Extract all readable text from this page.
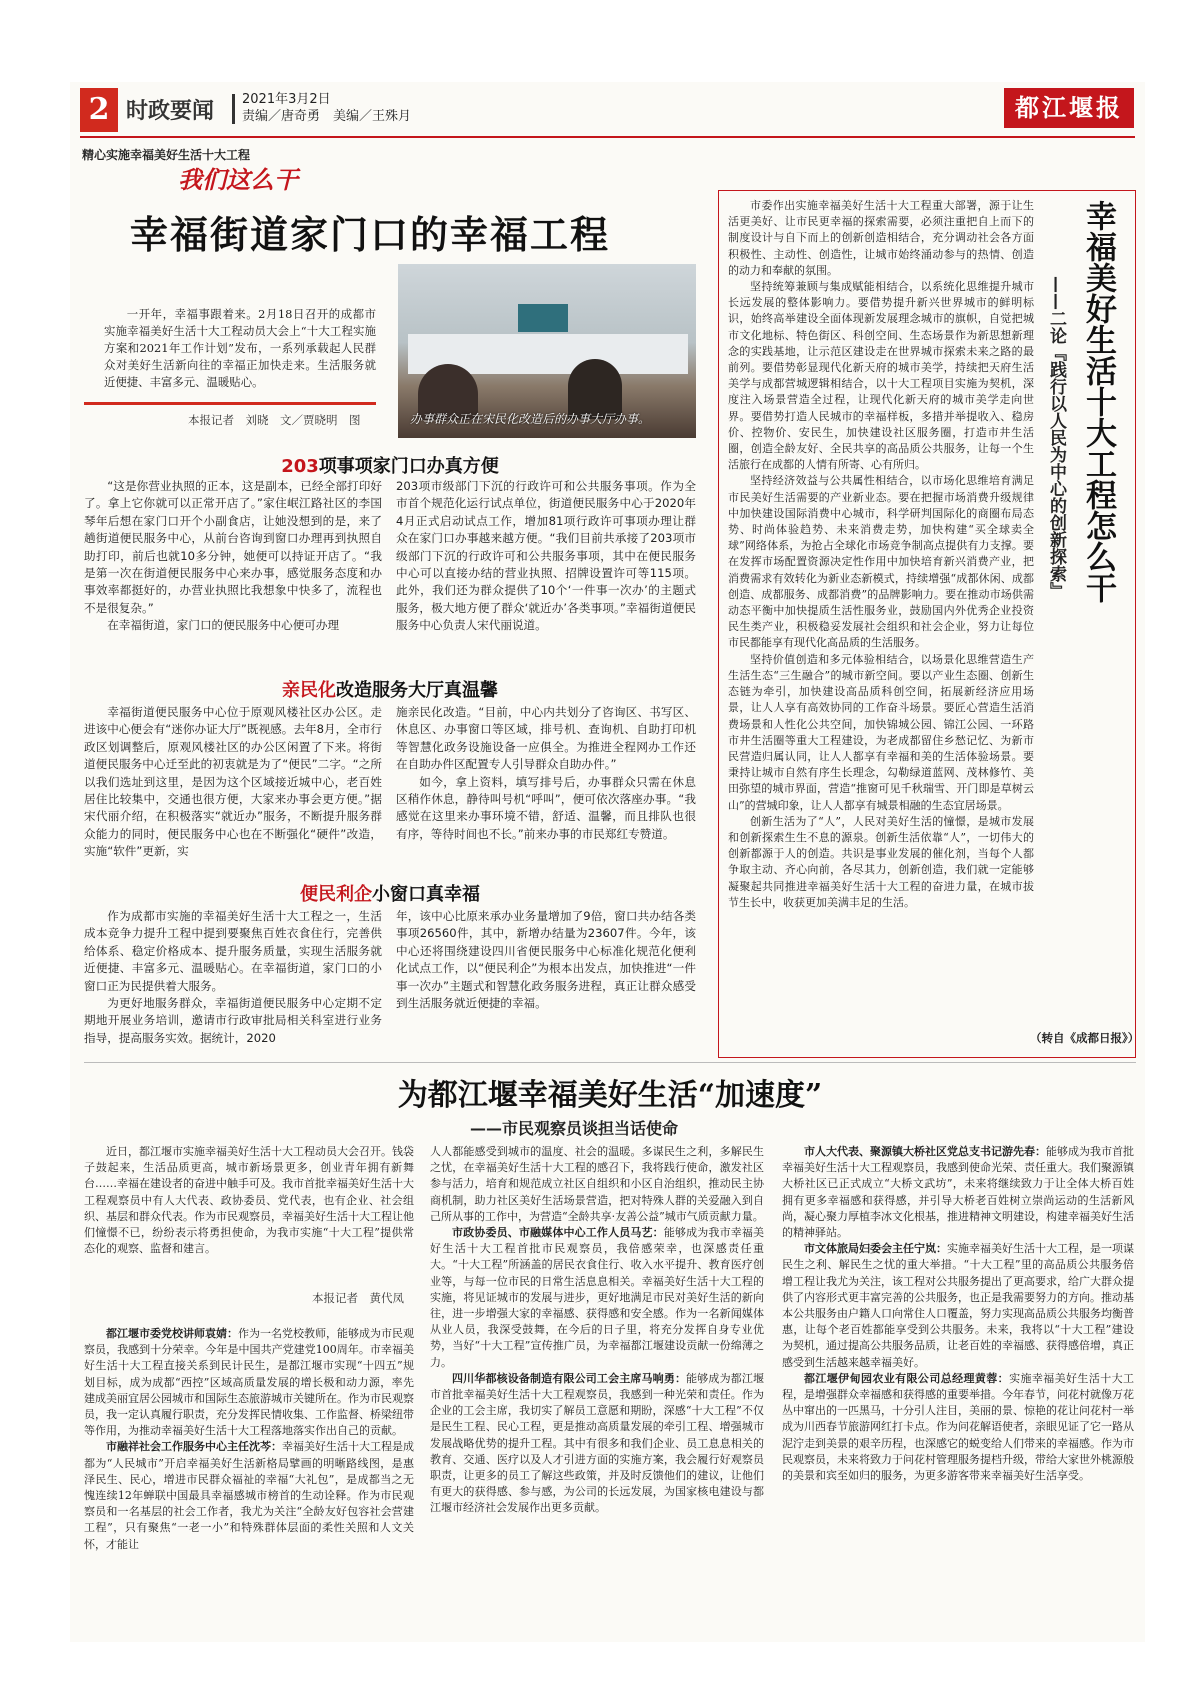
2 时政要闻 2021年3月2日
责编／唐奇勇　美编／王殊月	都江堰报
精心实施幸福美好生活十大工程
我们这么干
幸福街道家门口的幸福工程

一开年，幸福事跟着来。2月18日召开的成都市实施幸福美好生活十大工程动员大会上“十大工程实施方案和2021年工作计划”发布，一系列承载起人民群众对美好生活新向往的幸福正加快走来。生活服务就近便捷、丰富多元、温暖贴心。

本报记者　刘晓　文／贾晓明　图	办事群众正在宋民化改造后的办事大厅办事。
203项事项家门口办真方便

“这是你营业执照的正本，这是副本，已经全部打印好了。拿上它你就可以正常开店了。”家住岷江路社区的李国琴年后想在家门口开个小副食店，让她没想到的是，来了趟街道便民服务中心，从前台咨询到窗口办理再到执照自助打印，前后也就10多分钟，她便可以持证开店了。“我是第一次在街道便民服务中心来办事，感觉服务态度和办事效率都挺好的，办营业执照比我想象中快多了，流程也不是很复杂。”

在幸福街道，家门口的便民服务中心便可办理

203项市级部门下沉的行政许可和公共服务事项。作为全市首个规范化运行试点单位，街道便民服务中心于2020年4月正式启动试点工作，增加81项行政许可事项办理让群众在家门口办事越来越方便。“我们目前共承接了203项市级部门下沉的行政许可和公共服务事项，其中在便民服务中心可以直接办结的营业执照、招牌设置许可等115项。此外，我们还为群众提供了10个‘一件事一次办’的主题式服务，极大地方便了群众‘就近办’各类事项。”幸福街道便民服务中心负责人宋代丽说道。

亲民化改造服务大厅真温馨

幸福街道便民服务中心位于原观风楼社区办公区。走进该中心便会有“迷你办证大厅”既视感。去年8月，全市行政区划调整后，原观风楼社区的办公区闲置了下来。将街道便民服务中心迁至此的初衷就是为了“便民”二字。“之所以我们选址到这里，是因为这个区域接近城中心，老百姓居住比较集中，交通也很方便，大家来办事会更方便。”据宋代丽介绍，在积极落实“就近办”服务，不断提升服务群众能力的同时，便民服务中心也在不断强化“硬件”改造，实施“软件”更新，实

施亲民化改造。“目前，中心内共划分了咨询区、书写区、休息区、办事窗口等区域，排号机、查询机、自助打印机等智慧化政务设施设备一应俱全。为推进全程网办工作还在自助办件区配置专人引导群众自助办件。”

如今，拿上资料，填写排号后，办事群众只需在休息区稍作休息，静待叫号机“呼叫”，便可依次落座办事。“我感觉在这里来办事环境不错，舒适、温馨，而且排队也很有序，等待时间也不长。”前来办事的市民郑红专赞道。

便民利企小窗口真幸福

作为成都市实施的幸福美好生活十大工程之一，生活成本竞争力提升工程中提到要聚焦百姓衣食住行，完善供给体系、稳定价格成本、提升服务质量，实现生活服务就近便捷、丰富多元、温暖贴心。在幸福街道，家门口的小窗口正为民提供着大服务。

为更好地服务群众，幸福街道便民服务中心定期不定期地开展业务培训，邀请市行政审批局相关科室进行业务指导，提高服务实效。据统计，2020

年，该中心比原来承办业务量增加了9倍，窗口共办结各类事项26560件，其中，新增办结量为23607件。今年，该中心还将围绕建设四川省便民服务中心标准化规范化便利化试点工作，以“便民利企”为根本出发点，加快推进“一件事一次办”主题式和智慧化政务服务进程，真正让群众感受到生活服务就近便捷的幸福。

市委作出实施幸福美好生活十大工程重大部署，源于让生活更美好、让市民更幸福的探索需要，必须注重把自上而下的制度设计与自下而上的创新创造相结合，充分调动社会各方面积极性、主动性、创造性，让城市始终涌动参与的热情、创造的动力和奉献的氛围。

坚持统筹兼顾与集成赋能相结合，以系统化思维提升城市长远发展的整体影响力。要借势提升新兴世界城市的鲜明标识，始终高举建设全面体现新发展理念城市的旗帜，自觉把城市文化地标、特色街区、科创空间、生态场景作为新思想新理念的实践基地，让示范区建设走在世界城市探索未来之路的最前列。要借势彰显现代化新天府的城市美学，持续把天府生活美学与成都营城逻辑相结合，以十大工程项目实施为契机，深度注入场景营造全过程，让现代化新天府的城市美学走向世界。要借势打造人民城市的幸福样板，多措并举提收入、稳房价、控物价、安民生，加快建设社区服务圈，打造市井生活圈，创造全龄友好、全民共享的高品质公共服务，让每一个生活旅行在成都的人情有所寄、心有所归。

坚持经济效益与公共属性相结合，以市场化思维培育满足市民美好生活需要的产业新业态。要在把握市场消费升级规律中加快建设国际消费中心城市，科学研判国际化的商圈布局态势、时尚体验趋势、未来消费走势，加快构建“买全球卖全球”网络体系，为抢占全球化市场竞争制高点提供有力支撑。要在发挥市场配置资源决定性作用中加快培育新兴消费产业，把消费需求有效转化为新业态新模式，持续增强“成都休闲、成都创造、成都服务、成都消费”的品牌影响力。要在推动市场供需动态平衡中加快提质生活性服务业，鼓励国内外优秀企业投资民生类产业，积极稳妥发展社会组织和社会企业，努力让每位市民都能享有现代化高品质的生活服务。

坚持价值创造和多元体验相结合，以场景化思维营造生产生活生态“三生融合”的城市新空间。要以产业生态圈、创新生态链为牵引，加快建设高品质科创空间，拓展新经济应用场景，让人人享有高效协同的工作奋斗场景。要匠心营造生活消费场景和人性化公共空间，加快锦城公园、锦江公园、一环路市井生活圈等重大工程建设，为老成都留住乡愁记忆、为新市民营造归属认同，让人人都享有幸福和美的生活体验场景。要秉持让城市自然有序生长理念，勾勒绿道蓝网、茂林修竹、美田弥望的城市界面，营造“推窗可见千秋瑞雪、开门即是草树云山”的营城印象，让人人都享有城景相融的生态宜居场景。

创新生活为了“人”，人民对美好生活的憧憬，是城市发展和创新探索生生不息的源泉。创新生活依靠“人”，一切伟大的创新都源于人的创造。共识是事业发展的催化剂，当每个人都争取主动、齐心向前，各尽其力，创新创造，我们就一定能够凝聚起共同推进幸福美好生活十大工程的奋进力量，在城市拔节生长中，收获更加美满丰足的生活。

（转自《成都日报》）
幸福美好生活十大工程怎么干
——二论『践行以人民为中心的创新探索』
为都江堰幸福美好生活“加速度”
——市民观察员谈担当话使命

近日，都江堰市实施幸福美好生活十大工程动员大会召开。钱袋子鼓起来，生活品质更高，城市新场景更多，创业青年拥有新舞台……幸福在建设者的奋进中触手可及。我市首批幸福美好生活十大工程观察员中有人大代表、政协委员、党代表，也有企业、社会组织、基层和群众代表。作为市民观察员，幸福美好生活十大工程让他们憧憬不已，纷纷表示将勇担使命，为我市实施“十大工程”提供常态化的观察、监督和建言。

本报记者　黄代凤

都江堰市委党校讲师袁婧：作为一名党校教师，能够成为市民观察员，我感到十分荣幸。今年是中国共产党建党100周年。市幸福美好生活十大工程直接关系到民计民生，是都江堰市实现“十四五”规划目标，成为成都“西控”区域高质量发展的增长极和动力源，率先建成美丽宜居公园城市和国际生态旅游城市关键所在。作为市民观察员，我一定认真履行职责，充分发挥民情收集、工作监督、桥梁纽带等作用，为推动幸福美好生活十大工程落地落实作出自己的贡献。

市融祥社会工作服务中心主任沈芩：幸福美好生活十大工程是成都为“人民城市”开启幸福美好生活新格局擘画的明晰路线图，是惠泽民生、民心，增进市民群众福祉的幸福“大礼包”，是成都当之无愧连续12年蝉联中国最具幸福感城市榜首的生动诠释。作为市民观察员和一名基层的社会工作者，我尤为关注“全龄友好包容社会营建工程”，只有聚焦“一老一小”和特殊群体层面的柔性关照和人文关怀，才能让

人人都能感受到城市的温度、社会的温暖。多谋民生之利，多解民生之忧，在幸福美好生活十大工程的感召下，我将践行使命，激发社区参与活力，培育和规范成立社区自组织和小区自治组织，推动民主协商机制，助力社区美好生活场景营造，把对特殊人群的关爱融入到自己所从事的工作中，为营造“全龄共享·友善公益”城市气质贡献力量。

市政协委员、市融媒体中心工作人员马艺：能够成为我市幸福美好生活十大工程首批市民观察员，我倍感荣幸，也深感责任重大。“十大工程”所涵盖的居民衣食住行、收入水平提升、教育医疗创业等，与每一位市民的日常生活息息相关。幸福美好生活十大工程的实施，将见证城市的发展与进步，更好地满足市民对美好生活的新向往，进一步增强大家的幸福感、获得感和安全感。作为一名新闻媒体从业人员，我深受鼓舞，在今后的日子里，将充分发挥自身专业优势，当好“十大工程”宣传推广员，为幸福都江堰建设贡献一份绵薄之力。

四川华都核设备制造有限公司工会主席马响勇：能够成为都江堰市首批幸福美好生活十大工程观察员，我感到一种光荣和责任。作为企业的工会主席，我切实了解员工意愿和期盼，深感“十大工程”不仅是民生工程、民心工程，更是推动高质量发展的牵引工程、增强城市发展战略优势的提升工程。其中有很多和我们企业、员工息息相关的教育、交通、医疗以及人才引进方面的实施方案，我会履行好观察员职责，让更多的员工了解这些政策，并及时反馈他们的建议，让他们有更大的获得感、参与感，为公司的长远发展，为国家核电建设与都江堰市经济社会发展作出更多贡献。

市人大代表、聚源镇大桥社区党总支书记游先春：能够成为我市首批幸福美好生活十大工程观察员，我感到使命光荣、责任重大。我们聚源镇大桥社区已正式成立“大桥文武坊”，未来将继续致力于让全体大桥百姓拥有更多幸福感和获得感，并引导大桥老百姓树立崇尚运动的生活新风尚，凝心聚力厚植李冰文化根基，推进精神文明建设，构建幸福美好生活的精神驿站。

市文体旅局妇委会主任宁岚：实施幸福美好生活十大工程，是一项谋民生之利、解民生之忧的重大举措。“十大工程”里的高品质公共服务倍增工程让我尤为关注，该工程对公共服务提出了更高要求，给广大群众提供了内容形式更丰富完善的公共服务，也正是我需要努力的方向。推动基本公共服务由户籍人口向常住人口覆盖，努力实现高品质公共服务均衡普惠，让每个老百姓都能享受到公共服务。未来，我将以“十大工程”建设为契机，通过提高公共服务品质，让老百姓的幸福感、获得感倍增，真正感受到生活越来越幸福美好。

都江堰伊甸园农业有限公司总经理黄蓉：实施幸福美好生活十大工程，是增强群众幸福感和获得感的重要举措。今年春节，问花村就像万花丛中窜出的一匹黑马，十分引人注目，美丽的景、惊艳的花让问花村一举成为川西春节旅游网红打卡点。作为问花解语使者，亲眼见证了它一路从泥泞走到美景的艰辛历程，也深感它的蜕变给人们带来的幸福感。作为市民观察员，未来将致力于问花村管理服务提档升级，带给大家世外桃源般的美景和宾至如归的服务，为更多游客带来幸福美好生活享受。
